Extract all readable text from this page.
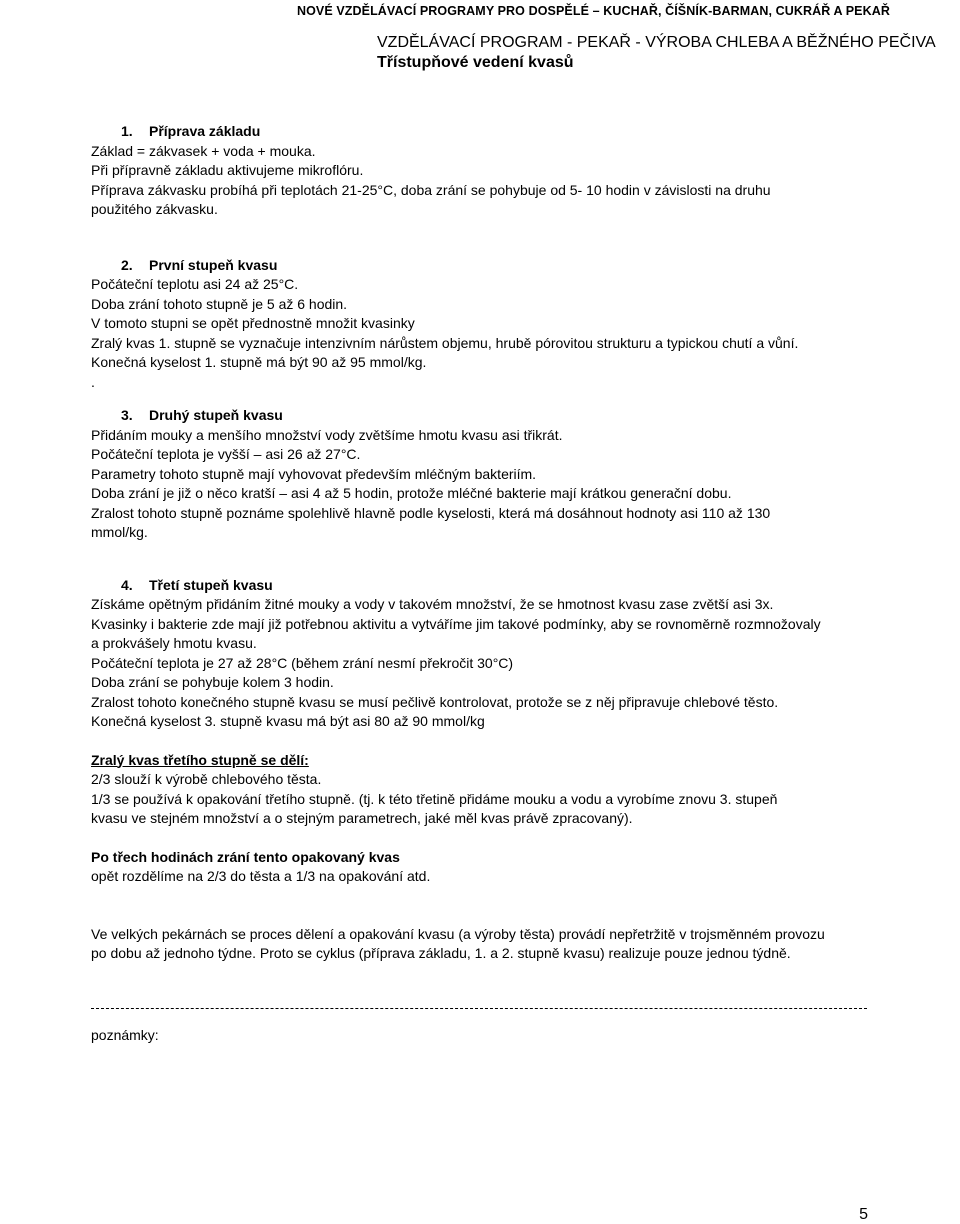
NOVÉ VZDĚLÁVACÍ PROGRAMY PRO DOSPĚLÉ – KUCHAŘ, ČÍŠNÍK-BARMAN, CUKRÁŘ A PEKAŘ
VZDĚLÁVACÍ PROGRAM - PEKAŘ - VÝROBA CHLEBA A BĚŽNÉHO PEČIVA
Třístupňové vedení kvasů
1. Příprava základu
Základ = zákvasek + voda + mouka.
Při přípravně základu aktivujeme mikroflóru.
Příprava zákvasku probíhá při teplotách 21-25°C, doba zrání se pohybuje od 5- 10 hodin v závislosti na druhu
použitého zákvasku.
2. První stupeň kvasu
Počáteční teplotu asi 24 až 25°C.
Doba zrání tohoto stupně je 5 až 6 hodin.
V tomoto stupni se opět přednostně množit kvasinky
Zralý kvas 1. stupně se vyznačuje intenzivním nárůstem objemu, hrubě pórovitou strukturu a typickou chutí a vůní.
Konečná kyselost 1. stupně má být 90 až 95 mmol/kg.
.
3. Druhý stupeň kvasu
Přidáním mouky a menšího množství vody zvětšíme hmotu kvasu asi třikrát.
Počáteční teplota je vyšší – asi 26 až 27°C.
Parametry tohoto stupně mají vyhovovat především mléčným bakteriím.
Doba zrání je již o něco kratší – asi 4 až 5 hodin, protože mléčné bakterie mají krátkou generační dobu.
Zralost tohoto stupně poznáme spolehlivě hlavně podle kyselosti, která má dosáhnout hodnoty asi 110 až 130
mmol/kg.
4. Třetí stupeň kvasu
Získáme opětným přidáním žitné mouky a vody v takovém množství, že se hmotnost kvasu zase zvětší asi 3x.
Kvasinky i bakterie zde mají již potřebnou aktivitu a vytváříme jim takové podmínky, aby se rovnoměrně rozmnožovaly
a prokvášely hmotu kvasu.
Počáteční teplota je 27 až 28°C (během zrání nesmí překročit 30°C)
Doba zrání se pohybuje kolem 3 hodin.
Zralost tohoto konečného stupně kvasu se musí pečlivě kontrolovat, protože se z něj připravuje chlebové těsto.
Konečná kyselost 3. stupně kvasu má být asi 80 až 90 mmol/kg
Zralý kvas třetího stupně se dělí:
2/3 slouží k výrobě chlebového těsta.
1/3 se používá k opakování třetího stupně. (tj. k této třetině přidáme mouku a vodu a vyrobíme znovu 3. stupeň
kvasu ve stejném množství a o stejným parametrech, jaké měl kvas právě zpracovaný).
Po třech hodinách zrání tento opakovaný kvas
opět rozdělíme na 2/3 do těsta a 1/3 na opakování atd.
Ve velkých pekárnách se proces dělení a opakování kvasu (a výroby těsta) provádí nepřetržitě v trojsměnném provozu
po dobu až jednoho týdne. Proto se cyklus (příprava základu, 1. a 2. stupně kvasu) realizuje pouze jednou týdně.
poznámky:
5
